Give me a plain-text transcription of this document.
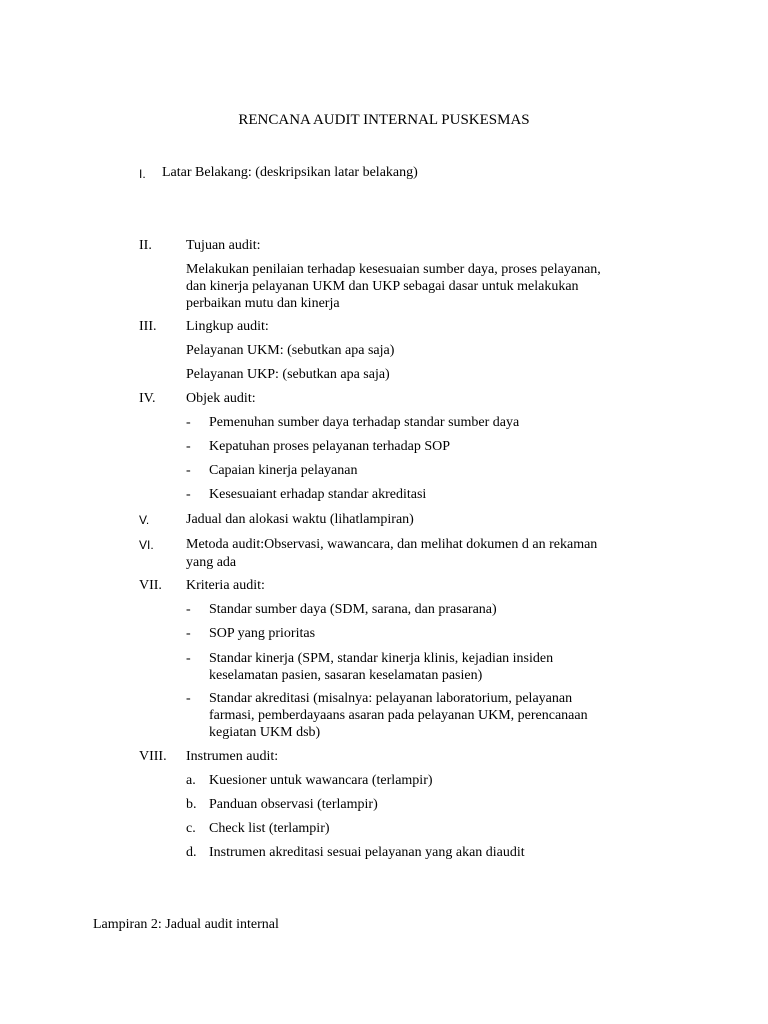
RENCANA AUDIT INTERNAL PUSKESMAS
I. Latar Belakang: (deskripsikan latar belakang)
II. Tujuan audit:
Melakukan penilaian terhadap kesesuaian sumber daya, proses pelayanan,
dan kinerja pelayanan UKM dan UKP sebagai dasar untuk melakukan
perbaikan mutu dan kinerja
III. Lingkup audit:
Pelayanan UKM: (sebutkan apa saja)
Pelayanan UKP: (sebutkan apa saja)
IV. Objek audit:
- Pemenuhan sumber daya terhadap standar sumber daya
- Kepatuhan proses pelayanan terhadap SOP
- Capaian kinerja pelayanan
- Kesesuaiant erhadap standar akreditasi
V.	Jadual dan alokasi waktu (lihatlampiran)
VI. Metoda audit:Observasi, wawancara, dan melihat dokumen d an rekaman
yang ada
VII. Kriteria audit:
- Standar sumber daya (SDM, sarana, dan prasarana)
- SOP yang prioritas
- Standar kinerja (SPM, standar kinerja klinis, kejadian insiden
keselamatan pasien, sasaran keselamatan pasien)
- Standar akreditasi (misalnya: pelayanan laboratorium, pelayanan
farmasi, pemberdayaans asaran pada pelayanan UKM, perencanaan
kegiatan UKM dsb)
VIII. Instrumen audit:
a. Kuesioner untuk wawancara (terlampir)
b. Panduan observasi (terlampir)
c. Check list (terlampir)
d. Instrumen akreditasi sesuai pelayanan yang akan diaudit
Lampiran 2: Jadual audit internal
